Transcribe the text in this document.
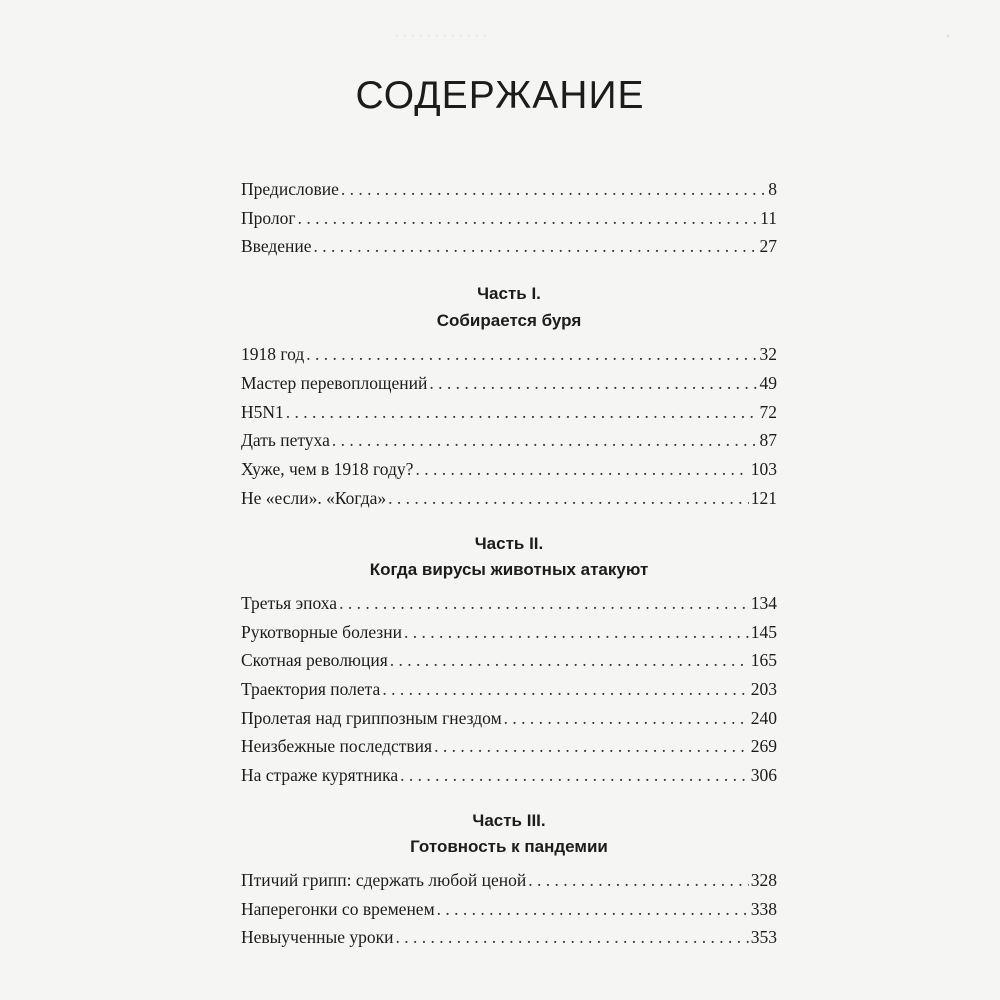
· · · · · · · · · · · ·	·
СОДЕРЖАНИЕ
Предисловие . . .	8
Пролог . . .	11
Введение . . .	27
Часть I.
Собирается буря
1918 год . . .	32
Мастер перевоплощений . . .	49
H5N1 . . .	72
Дать петуха . . .	87
Хуже, чем в 1918 году? . . .	103
Не «если». «Когда» . . .	121
Часть II.
Когда вирусы животных атакуют
Третья эпоха . . .	134
Рукотворные болезни . . .	145
Скотная революция . . .	165
Траектория полета . . .	203
Пролетая над гриппозным гнездом . . .	240
Неизбежные последствия . . .	269
На страже курятника . . .	306
Часть III.
Готовность к пандемии
Птичий грипп: сдержать любой ценой . . .	328
Наперегонки со временем . . .	338
Невыученные уроки . . .	353
